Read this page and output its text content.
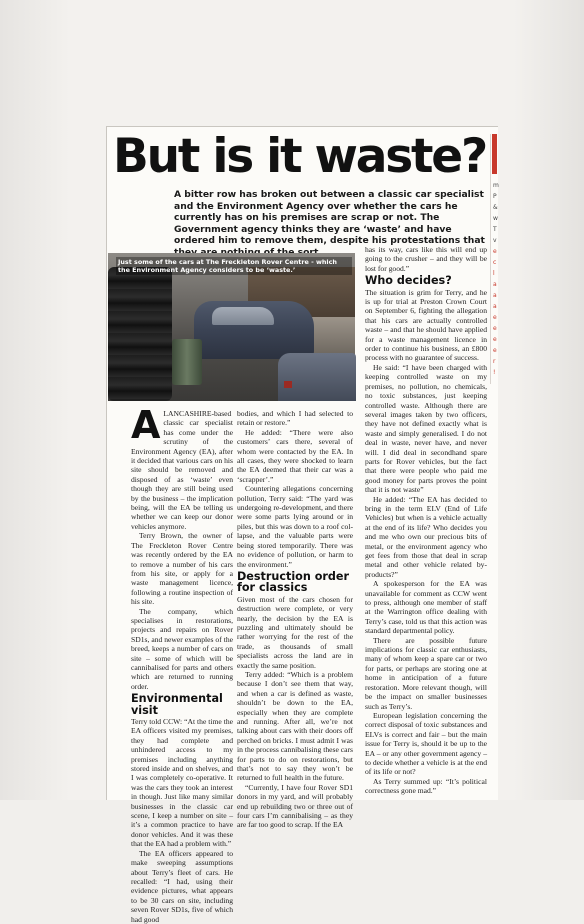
But is it waste?
A bitter row has broken out between a classic car specialist and the Environment Agency over whether the cars he currently has on his premises are scrap or not. The Government agency thinks they are ‘waste’ and have ordered him to remove them, despite his protestations that
Just some of the cars at The Freckleton Rover Centre - which the Environment Agency considers to be ‘waste.’

ALANCASHIRE-based classic car specialist has come under the scrutiny of the Environment Agency (EA), after it decided that various cars on his site should be removed and disposed of as ‘waste’ even though they are still being used by the business – the implication being, will the EA be telling us whether we can keep our donor vehicles anymore.

Terry Brown, the owner of The Freckleton Rover Centre was recently ordered by the EA to remove a number of his cars from his site, or apply for a waste management licence, following a routine inspection of his site.

The company, which specialises in restorations, projects and repairs on Rover SD1s, and newer examples of the breed, keeps a number of cars on site – some of which will be cannibalised for parts and others which are returned to running order.

Environmental visit

Terry told CCW: “At the time the EA officers visited my premises, they had complete and unhindered access to my premises including anything stored inside and on shelves, and I was completely co-operative. It was the cars they took an interest in though. Just like many similar businesses in the classic car scene, I keep a number on site – it’s a common practice to have donor vehicles. And it was these that the EA had a problem with.”

The EA officers appeared to make sweeping assumptions about Terry’s fleet of cars. He recalled: “I had, using their evidence pictures, what appears to be 30 cars on site, including seven Rover SD1s, five of which had good

bodies, and which I had selected to retain or restore.”

He added: “There were also customers’ cars there, several of whom were contacted by the EA. In all cases, they were shocked to learn the EA deemed that their car was a ‘scrapper’.”

Countering allegations concerning pollution, Terry said: “The yard was undergoing re-development, and there were some parts lying around or in piles, but this was down to a roof col-lapse, and the valuable parts were being stored temporarily. There was no evidence of pollution, or harm to the environment.”

Destruction order for classics

Given most of the cars chosen for destruction were complete, or very nearly, the decision by the EA is puzzling and ultimately should be rather worrying for the rest of the trade, as thousands of small specialists across the land are in exactly the same position.

Terry added: “Which is a problem because I don’t see them that way, and when a car is defined as waste, shouldn’t be down to the EA, especially when they are complete and running. After all, we’re not talking about cars with their doors off perched on bricks. I must admit I was in the process cannibalising these cars for parts to do on restorations, but that’s not to say they won’t be returned to full health in the future.

“Currently, I have four Rover SD1 donors in my yard, and will probably end up rebuilding two or three out of four cars I’m cannibalising – as they are far too good to scrap. If the EA

has its way, cars like this will end up going to the crusher – and they will be lost for good.”

Who decides?

The situation is grim for Terry, and he is up for trial at Preston Crown Court on September 6, fighting the allegation that his cars are actually controlled waste – and that he should have applied for a waste management licence in order to continue his business, an £800 process with no guarantee of success.

He said: “I have been charged with keeping controlled waste on my premises, no pollution, no chemicals, no toxic substances, just keeping controlled waste. Although there are several images taken by two officers, they have not defined exactly what is waste and simply generalised. I do not deal in waste, never have, and never will. I did deal in secondhand spare parts for Rover vehicles, but the fact that there were people who paid me good money for parts proves the point that it is not waste”

He added: “The EA has decided to bring in the term ELV (End of Life Vehicles) but when is a vehicle actually at the end of its life? Who decides you and me who own our precious bits of metal, or the environment agency who get fees from those that deal in scrap metal and other vehicle related by-products?”

A spokesperson for the EA was unavailable for comment as CCW went to press, although one member of staff at the Warrington office dealing with Terry’s case, told us that this action was standard departmental policy.

There are possible future implications for classic car enthusiasts, many of whom keep a spare car or two for parts, or perhaps are storing one at home in anticipation of a future restoration. More relevant though, will be the impact on smaller businesses such as Terry’s.

European legislation concerning the correct disposal of toxic substances and ELVs is correct and fair – but the main issue for Terry is, should it be up to the EA – or any other government agency – to decide whether a vehicle is at the end of its life or not?

As Terry summed up: “It’s political correctness gone mad.”

m
P
&
w
T
v
e
c
l
a
a
a
e
e
e
e
r
!
